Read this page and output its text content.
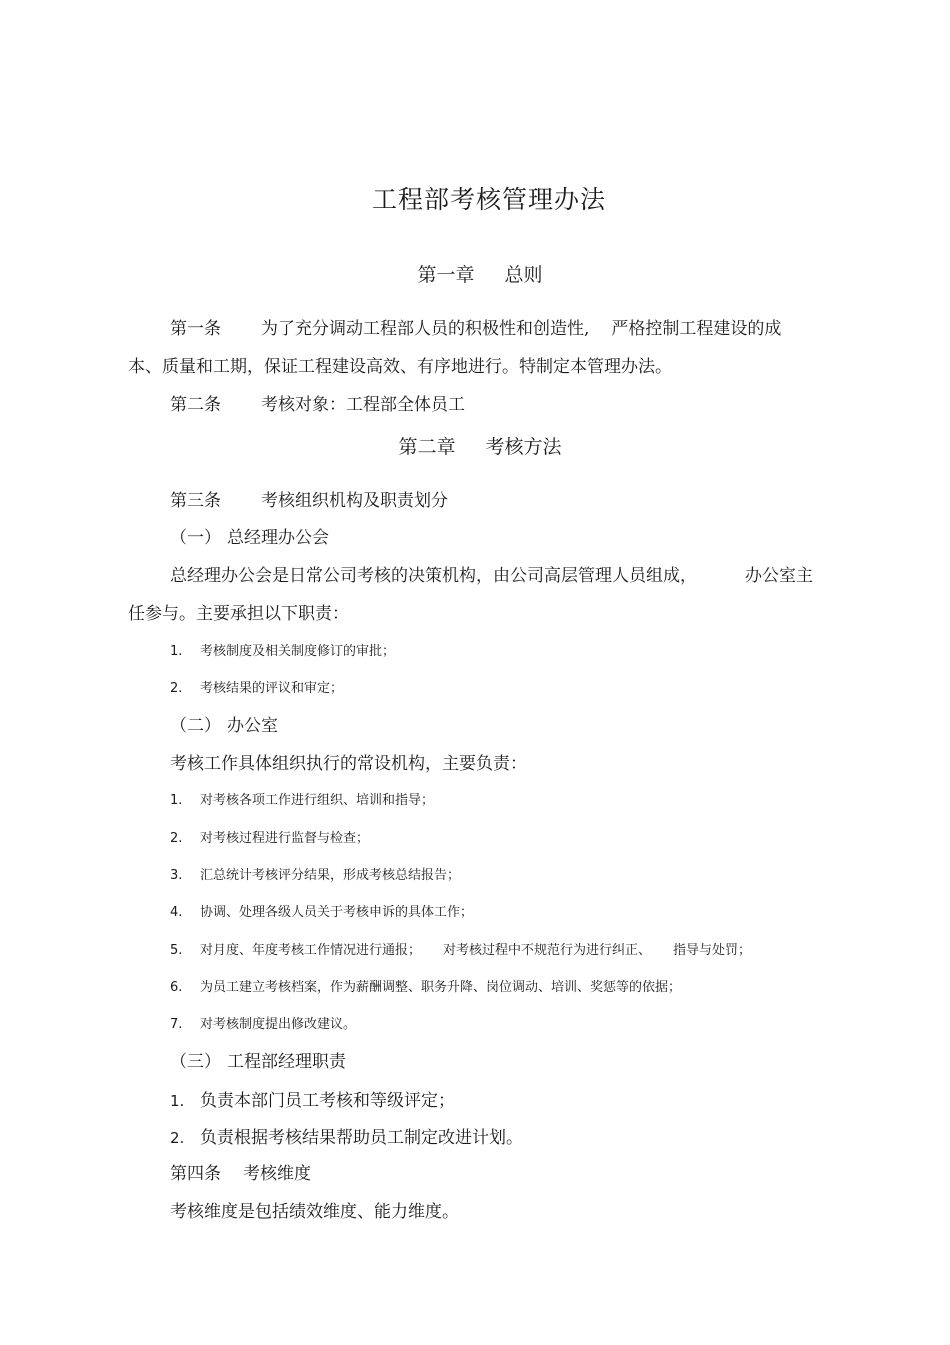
工程部考核管理办法
第一章 总则
第一条 为了充分调动工程部人员的积极性和创造性, 严格控制工程建设的成
本、质量和工期，保证工程建设高效、有序地进行。特制定本管理办法。
第二条 考核对象：工程部全体员工
第二章 考核方法
第三条 考核组织机构及职责划分
（一） 总经理办公会
总经理办公会是日常公司考核的决策机构，由公司高层管理人员组成，	办公室主
任参与。主要承担以下职责：
1. 考核制度及相关制度修订的审批；
2. 考核结果的评议和审定；
（二） 办公室
考核工作具体组织执行的常设机构，主要负责：
1. 对考核各项工作进行组织、培训和指导；
2. 对考核过程进行监督与检查；
3. 汇总统计考核评分结果，形成考核总结报告；
4. 协调、处理各级人员关于考核申诉的具体工作；
5. 对月度、年度考核工作情况进行通报； 对考核过程中不规范行为进行纠正、 指导与处罚；
6. 为员工建立考核档案，作为薪酬调整、职务升降、岗位调动、培训、奖惩等的依据；
7. 对考核制度提出修改建议。
（三） 工程部经理职责
1. 负责本部门员工考核和等级评定；
2. 负责根据考核结果帮助员工制定改进计划。
第四条 考核维度
考核维度是包括绩效维度、能力维度。
